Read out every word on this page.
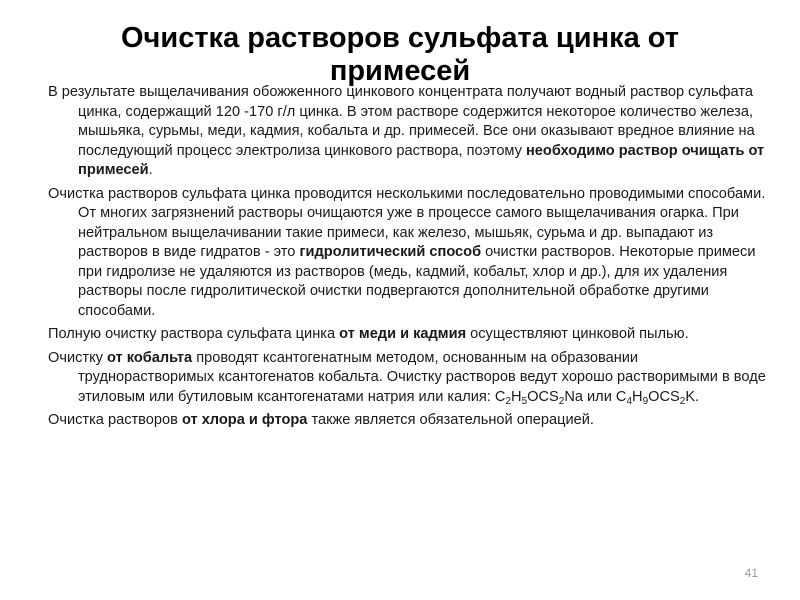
Очистка растворов сульфата цинка от примесей

В результате выщелачивания обожженного цинкового концентрата получают водный раствор сульфата цинка, содержащий 120 -170 г/л цинка. В этом растворе содержится некоторое количество железа, мышьяка, сурьмы, меди, кадмия, кобальта и др. примесей. Все они оказывают вредное влияние на последующий процесс электролиза цинкового раствора, поэтому необходимо раствор очищать от примесей.

Очистка растворов сульфата цинка проводится несколькими последовательно проводимыми способами. От многих загрязнений растворы очищаются уже в процессе самого выщелачивания огарка. При нейтральном выщелачивании такие примеси, как железо, мышьяк, сурьма и др. выпадают из растворов в виде гидратов - это гидролитический способ очистки растворов. Некоторые примеси при гидролизе не удаляются из растворов (медь, кадмий, кобальт, хлор и др.), для их удаления растворы после гидролитической очистки подвергаются дополнительной обработке другими способами.

Полную очистку раствора сульфата цинка от меди и кадмия осуществляют цинковой пылью.

Очистку от кобальта проводят ксантогенатным методом, основанным на образовании труднорастворимых ксантогенатов кобальта. Очистку растворов ведут хорошо растворимыми в воде этиловым или бутиловым ксантогенатами натрия или калия: $C_2H_5OCS_2Na$ или $C_4H_9OCS_2K$.

Очистка растворов от хлора и фтора также является обязательной операцией.

41
